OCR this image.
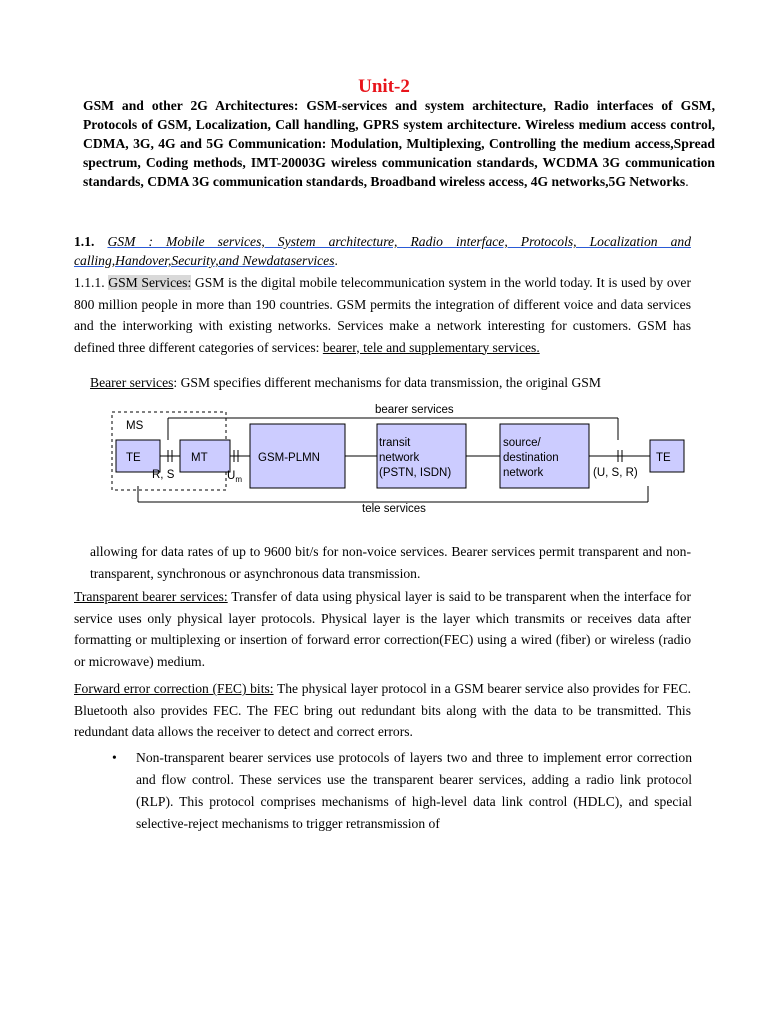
Unit-2

GSM and other 2G Architectures: GSM-services and system architecture, Radio interfaces of GSM, Protocols of GSM, Localization, Call handling, GPRS system architecture. Wireless medium access control, CDMA, 3G, 4G and 5G Communication: Modulation, Multiplexing, Controlling the medium access,Spread spectrum, Coding methods, IMT-20003G wireless communication standards, WCDMA 3G communication standards, CDMA 3G communication standards, Broadband wireless access, 4G networks,5G Networks.

1.1. GSM : Mobile services, System architecture, Radio interface, Protocols, Localization and calling,Handover,Security,and Newdataservices.

1.1.1. GSM Services: GSM is the digital mobile telecommunication system in the world today. It is used by over 800 million people in more than 190 countries. GSM permits the integration of different voice and data services and the interworking with existing networks. Services make a network interesting for customers. GSM has defined three different categories of services: bearer, tele and supplementary services.

Bearer services: GSM specifies different mechanisms for data transmission, the original GSM

bearer services
tele services
MS
TE	MT
R, S	$U_m$
GSM-PLMN
transit
network
(PSTN, ISDN)
source/
destination
network	(U, S, R)
TE

allowing for data rates of up to 9600 bit/s for non-voice services. Bearer services permit transparent and non-transparent, synchronous or asynchronous data transmission.

Transparent bearer services: Transfer of data using physical layer is said to be transparent when the interface for service uses only physical layer protocols. Physical layer is the layer which transmits or receives data after formatting or multiplexing or insertion of forward error correction(FEC) using a wired (fiber) or wireless (radio or microwave) medium.

Forward error correction (FEC) bits: The physical layer protocol in a GSM bearer service also provides for FEC. Bluetooth also provides FEC. The FEC bring out redundant bits along with the data to be transmitted. This redundant data allows the receiver to detect and correct errors.

• Non-transparent bearer services use protocols of layers two and three to implement error correction and flow control. These services use the transparent bearer services, adding a radio link protocol (RLP). This protocol comprises mechanisms of high-level data link control (HDLC), and special selective-reject mechanisms to trigger retransmission of
